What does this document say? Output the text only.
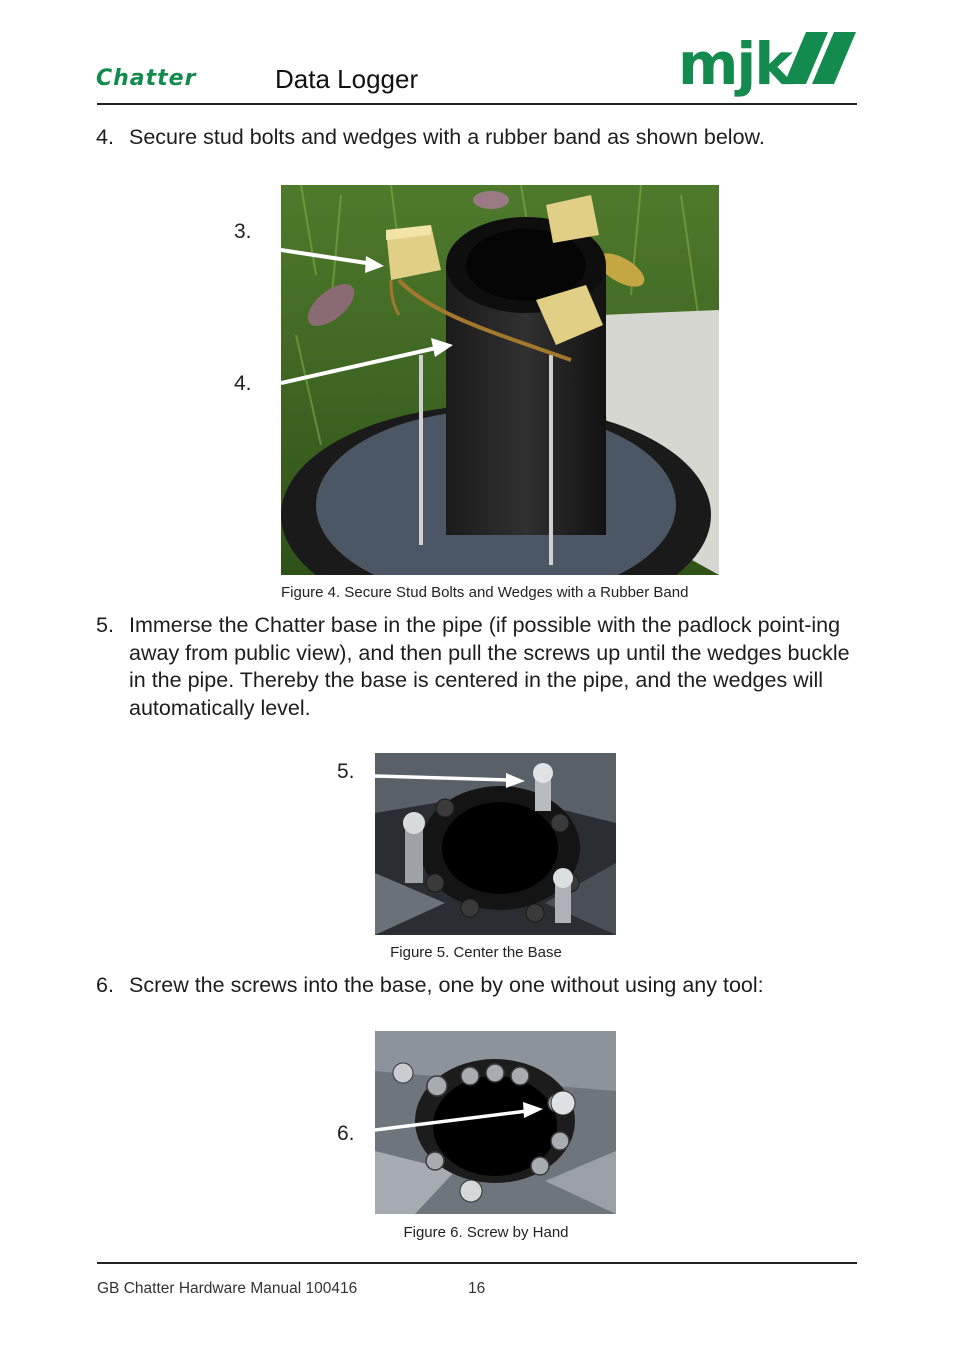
Chatter	Data Logger	mjk
4. Secure stud bolts and wedges with a rubber band as shown below.
3.
4.
Figure 4. Secure Stud Bolts and Wedges with a Rubber Band
5. Immerse the Chatter base in the pipe (if possible with the padlock point-ing away from public view), and then pull the screws up until the wedges buckle in the pipe. Thereby the base is centered in the pipe, and the wedges will automatically level.
5.
Figure 5. Center the Base
6. Screw the screws into the base, one by one without using any tool:
6.
Figure 6. Screw by Hand
GB Chatter Hardware Manual 100416	16
